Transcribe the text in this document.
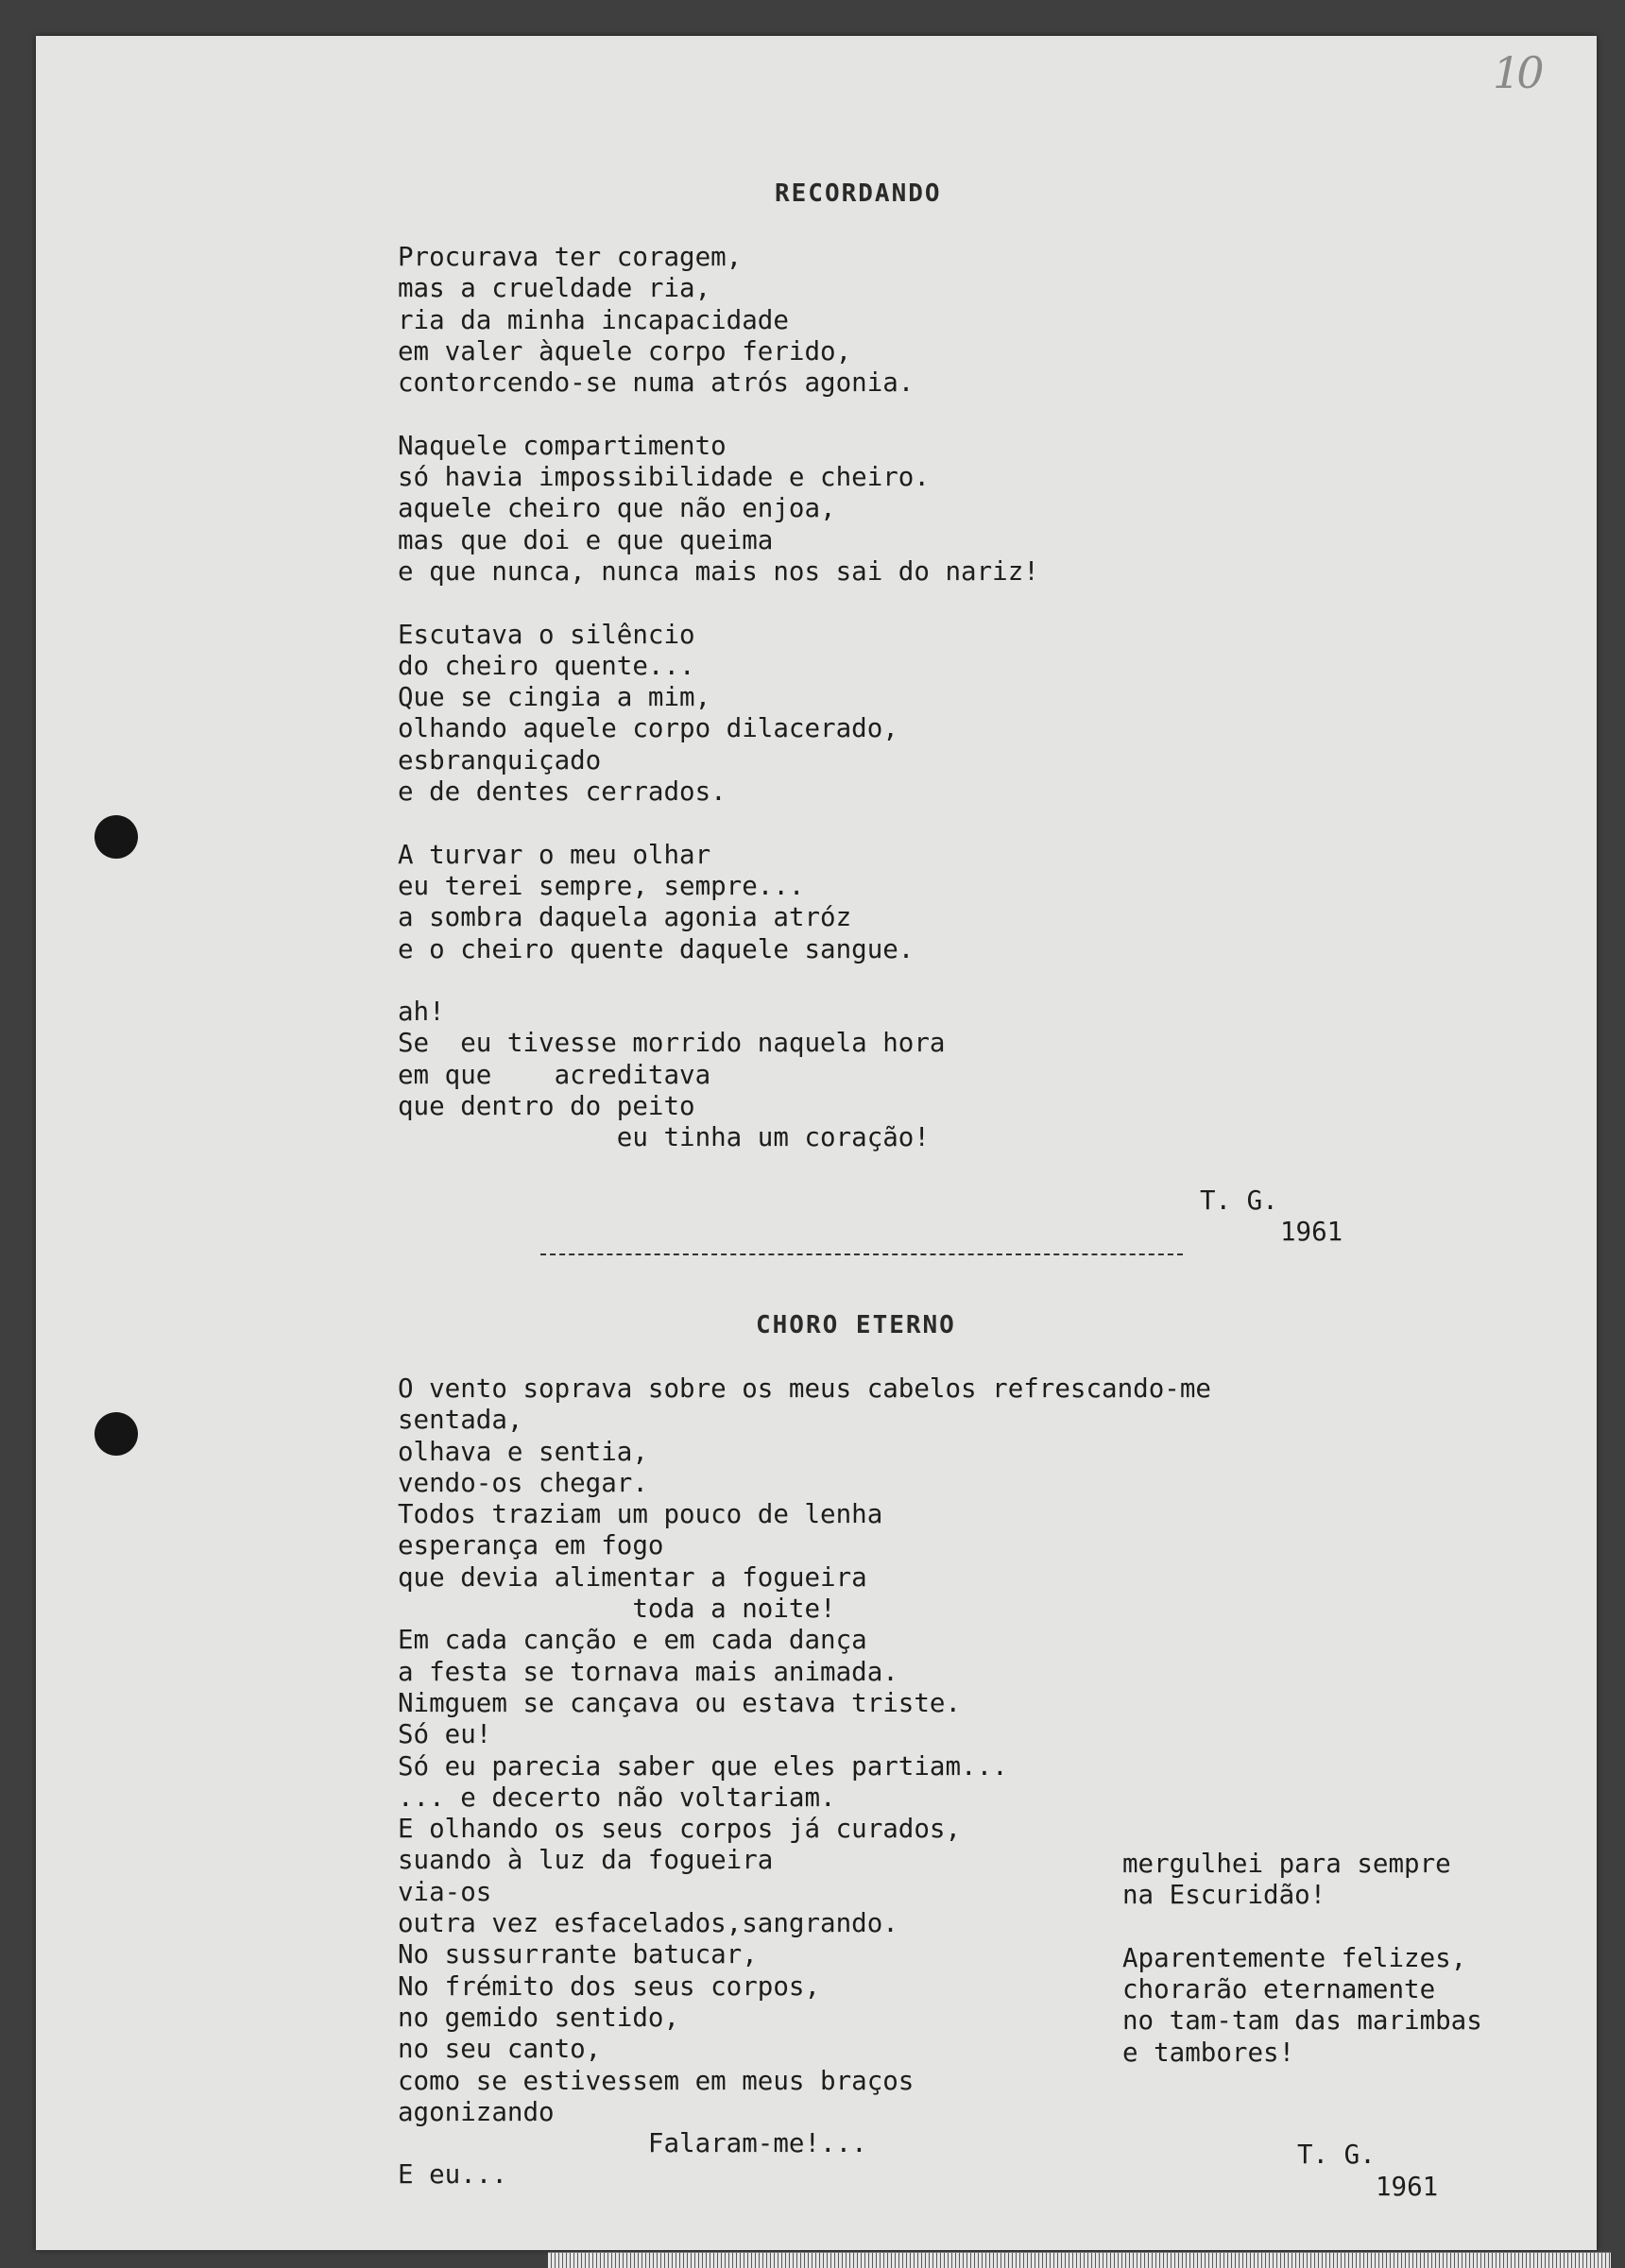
10
RECORDANDO
Procurava ter coragem,
mas a crueldade ria,
ria da minha incapacidade
em valer àquele corpo ferido,
contorcendo-se numa atrós agonia.
Naquele compartimento
só havia impossibilidade e cheiro.
aquele cheiro que não enjoa,
mas que doi e que queima
e que nunca, nunca mais nos sai do nariz!
Escutava o silêncio
do cheiro quente...
Que se cingia a mim,
olhando aquele corpo dilacerado,
esbranquiçado
e de dentes cerrados.
A turvar o meu olhar
eu terei sempre, sempre...
a sombra daquela agonia atróz
e o cheiro quente daquele sangue.
ah!
Se  eu tivesse morrido naquela hora
em que    acreditava
que dentro do peito
eu tinha um coração!
T. G.
1961
CHORO ETERNO
O vento soprava sobre os meus cabelos refrescando-me
sentada,
olhava e sentia,
vendo-os chegar.
Todos traziam um pouco de lenha
esperança em fogo
que devia alimentar a fogueira
toda a noite!
Em cada canção e em cada dança
a festa se tornava mais animada.
Nimguem se cançava ou estava triste.
Só eu!
Só eu parecia saber que eles partiam...
... e decerto não voltariam.
E olhando os seus corpos já curados,
suando à luz da fogueira
via-os
outra vez esfacelados,sangrando.
No sussurrante batucar,
No frémito dos seus corpos,
no gemido sentido,
no seu canto,
como se estivessem em meus braços
agonizando
Falaram-me!...
E eu...
mergulhei para sempre
na Escuridão!
Aparentemente felizes,
chorarão eternamente
no tam-tam das marimbas
e tambores!
T. G.
1961
